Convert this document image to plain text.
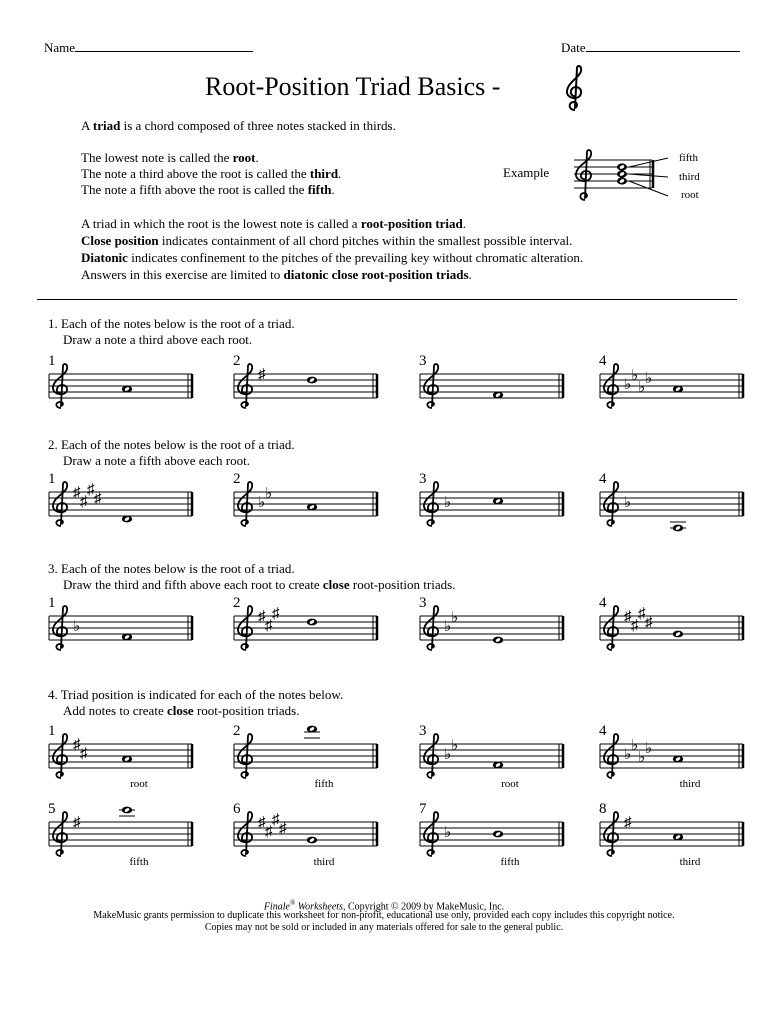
Name	Date
Root-Position Triad Basics -
A triad is a chord composed of three notes stacked in thirds.
The lowest note is called the root.
The note a third above the root is called the third.
The note a fifth above the root is called the fifth.
Example
fifth
third
root
A triad in which the root is the lowest note is called a root-position triad.
Close position indicates containment of all chord pitches within the smallest possible interval.
Diatonic indicates confinement to the pitches of the prevailing key without chromatic alteration.
Answers in this exercise are limited to diatonic close root-position triads.
1. Each of the notes below is the root of a triad.
Draw a note a third above each root.
2. Each of the notes below is the root of a triad.
Draw a note a fifth above each root.
3. Each of the notes below is the root of a triad.
Draw the third and fifth above each root to create close root-position triads.
4. Triad position is indicated for each of the notes below.
Add notes to create close root-position triads.
1
♯
2	3
♭
♭
♭
♭
4
♯
♯
♯
♯
1
♭
♭
2
♭
3
♭
4
♭
1
♯
♯
♯
2
♭
♭
3
♯
♯
♯
♯
4
♯
♯
1
root
2
fifth
♭
♭
3
root
♭
♭
♭
♭
4
third
♯
5
fifth
♯
♯
♯
♯
6
third
♭
7
fifth
♯
8
third
Finale® Worksheets, Copyright © 2009 by MakeMusic, Inc.
MakeMusic grants permission to duplicate this worksheet for non-profit, educational use only, provided each copy includes this copyright notice.
Copies may not be sold or included in any materials offered for sale to the general public.
